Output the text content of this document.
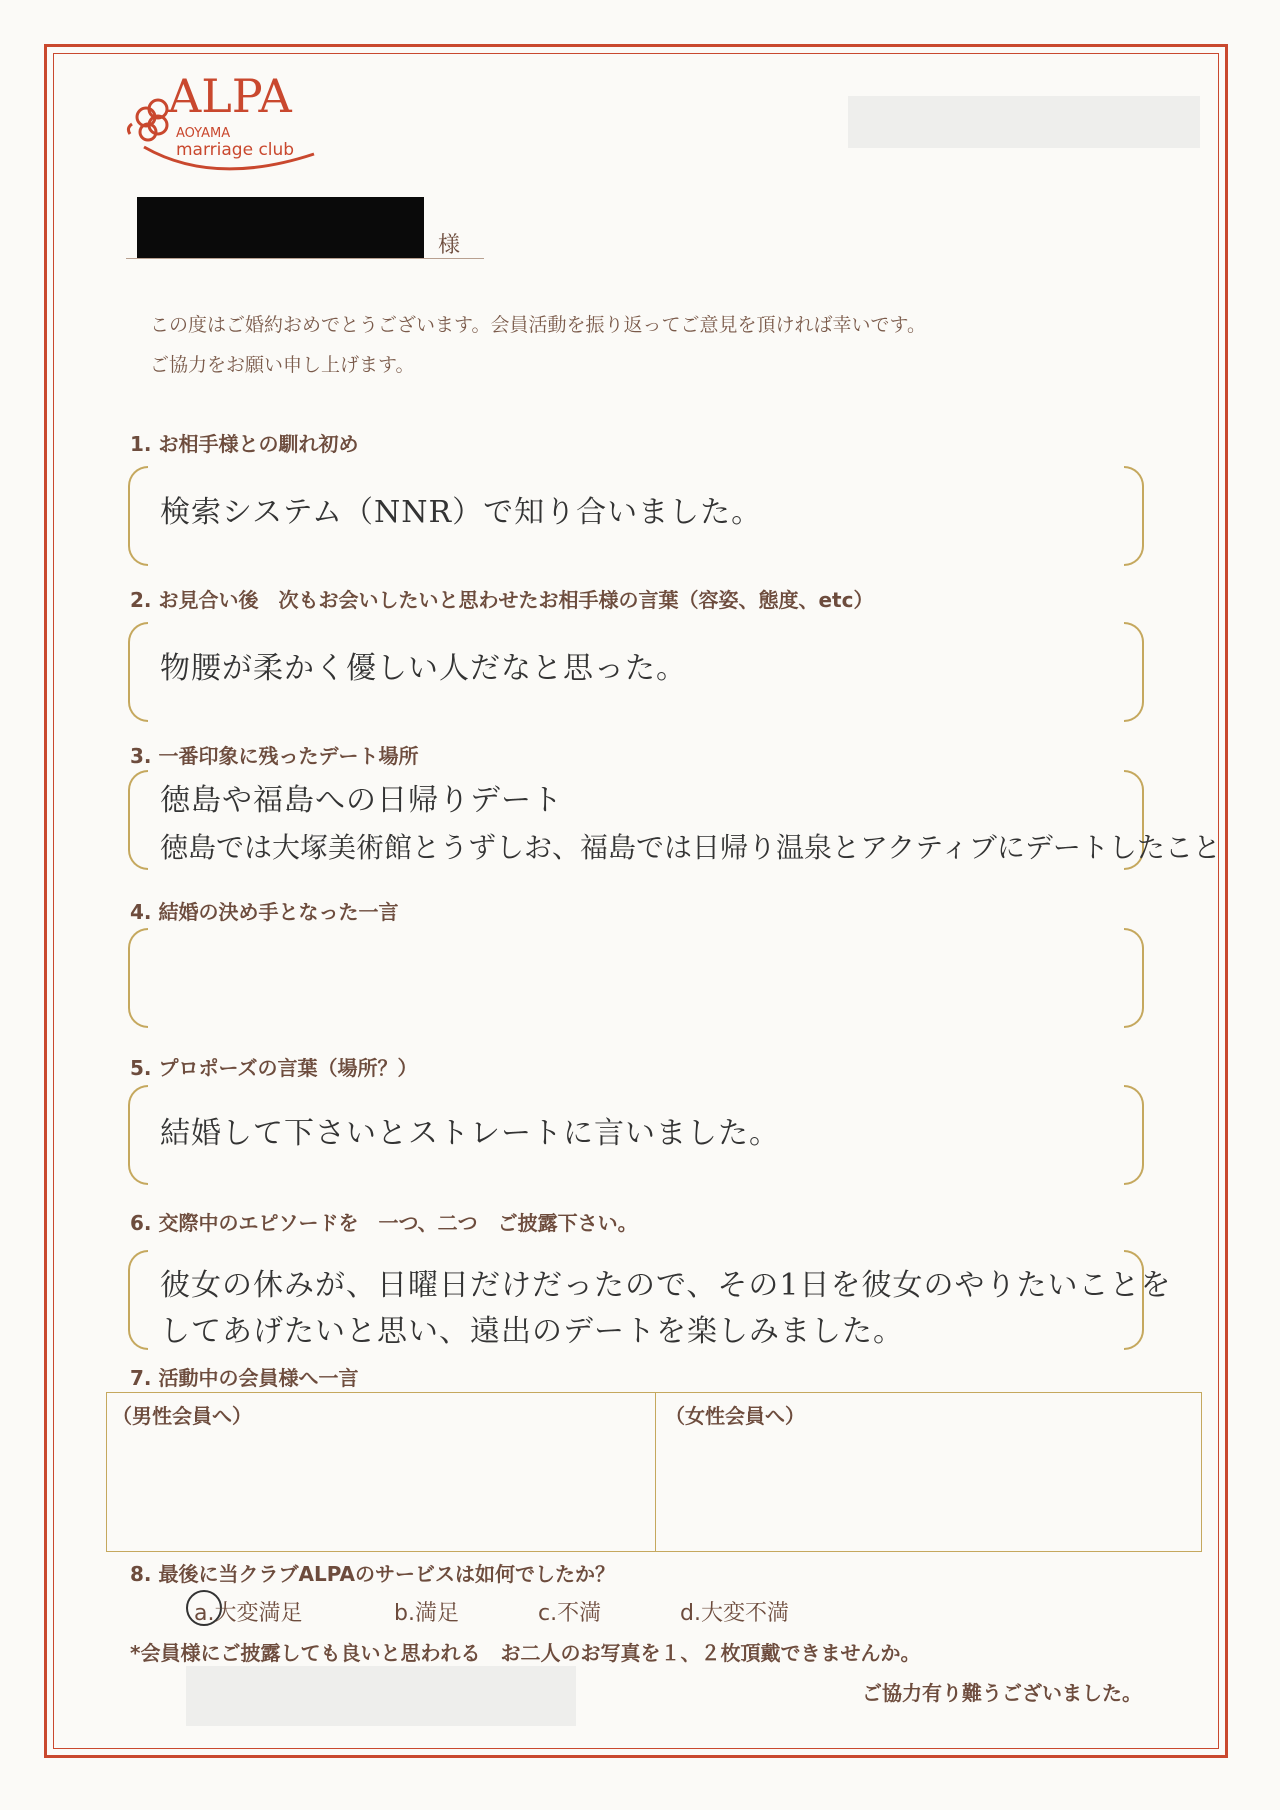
ALPA
AOYAMA
marriage club
様
この度はご婚約おめでとうございます。会員活動を振り返ってご意見を頂ければ幸いです。
ご協力をお願い申し上げます。
1. お相手様との馴れ初め
検索システム（NNR）で知り合いました。
2. お見合い後　次もお会いしたいと思わせたお相手様の言葉（容姿、態度、etc）
物腰が柔かく優しい人だなと思った。
3. 一番印象に残ったデート場所
徳島や福島への日帰りデート
徳島では大塚美術館とうずしお、福島では日帰り温泉とアクティブにデートしたこと
4. 結婚の決め手となった一言
5. プロポーズの言葉（場所？）
結婚して下さいとストレートに言いました。
6. 交際中のエピソードを　一つ、二つ　ご披露下さい。
彼女の休みが、日曜日だけだったので、その1日を彼女のやりたいことを
してあげたいと思い、遠出のデートを楽しみました。
7. 活動中の会員様へ一言
（男性会員へ）	（女性会員へ）
8. 最後に当クラブALPAのサービスは如何でしたか？
a.大変満足	b.満足	c.不満	d.大変不満
*会員様にご披露しても良いと思われる　お二人のお写真を１、２枚頂戴できませんか。
ご協力有り難うございました。
